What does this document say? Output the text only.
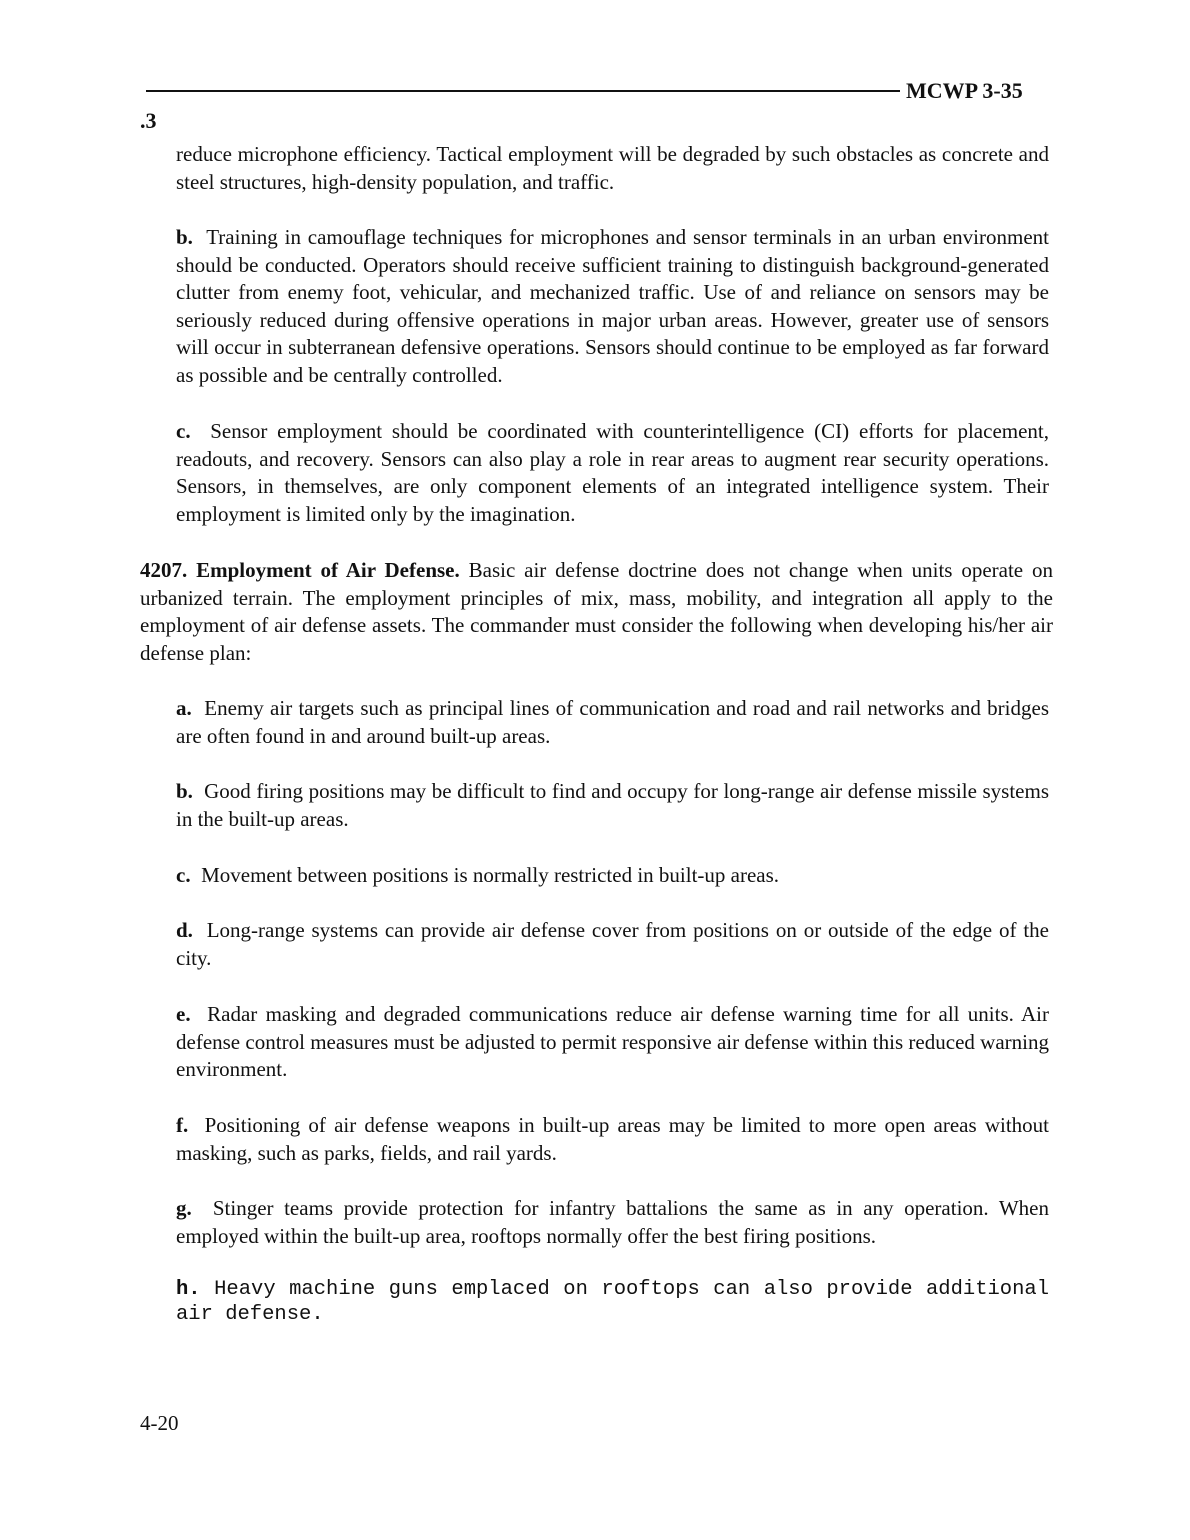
MCWP 3-35
.3

reduce microphone efficiency. Tactical employment will be degraded by such obstacles as concrete and steel structures, high-density population, and traffic.

b. Training in camouflage techniques for microphones and sensor terminals in an urban environment should be conducted. Operators should receive sufficient training to distinguish background-generated clutter from enemy foot, vehicular, and mechanized traffic. Use of and reliance on sensors may be seriously reduced during offensive operations in major urban areas. However, greater use of sensors will occur in subterranean defensive operations. Sensors should continue to be employed as far forward as possible and be centrally controlled.

c. Sensor employment should be coordinated with counterintelligence (CI) efforts for placement, readouts, and recovery. Sensors can also play a role in rear areas to augment rear security operations. Sensors, in themselves, are only component elements of an integrated intelligence system. Their employment is limited only by the imagination.

4207. Employment of Air Defense. Basic air defense doctrine does not change when units operate on urbanized terrain. The employment principles of mix, mass, mobility, and integration all apply to the employment of air defense assets. The commander must consider the following when developing his/her air defense plan:

a. Enemy air targets such as principal lines of communication and road and rail networks and bridges are often found in and around built-up areas.

b. Good firing positions may be difficult to find and occupy for long-range air defense missile systems in the built-up areas.

c. Movement between positions is normally restricted in built-up areas.

d. Long-range systems can provide air defense cover from positions on or outside of the edge of the city.

e. Radar masking and degraded communications reduce air defense warning time for all units. Air defense control measures must be adjusted to permit responsive air defense within this reduced warning environment.

f. Positioning of air defense weapons in built-up areas may be limited to more open areas without masking, such as parks, fields, and rail yards.

g. Stinger teams provide protection for infantry battalions the same as in any operation. When employed within the built-up area, rooftops normally offer the best firing positions.

h. Heavy machine guns emplaced on rooftops can also provide additional air defense.

4-20
